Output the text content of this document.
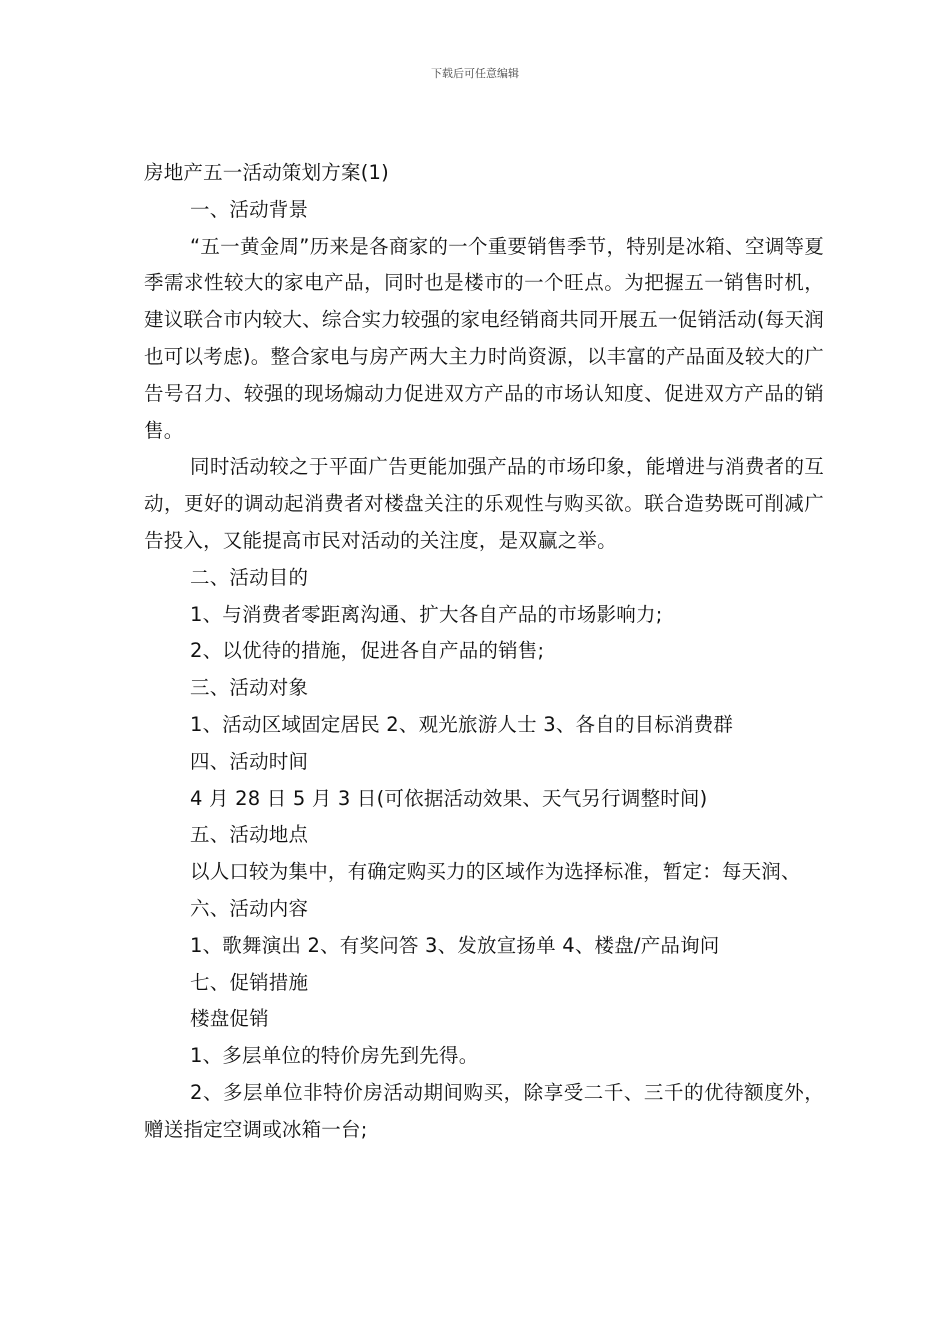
下载后可任意编辑

房地产五一活动策划方案(1)

一、活动背景

“五一黄金周”历来是各商家的一个重要销售季节，特别是冰箱、空调等夏季需求性较大的家电产品，同时也是楼市的一个旺点。为把握五一销售时机，建议联合市内较大、综合实力较强的家电经销商共同开展五一促销活动(每天润也可以考虑)。整合家电与房产两大主力时尚资源，以丰富的产品面及较大的广告号召力、较强的现场煽动力促进双方产品的市场认知度、促进双方产品的销售。

同时活动较之于平面广告更能加强产品的市场印象，能增进与消费者的互动，更好的调动起消费者对楼盘关注的乐观性与购买欲。联合造势既可削减广告投入，又能提高市民对活动的关注度，是双赢之举。

二、活动目的

1、与消费者零距离沟通、扩大各自产品的市场影响力;

2、以优待的措施，促进各自产品的销售;

三、活动对象

1、活动区域固定居民 2、观光旅游人士 3、各自的目标消费群

四、活动时间

4 月 28 日 5 月 3 日(可依据活动效果、天气另行调整时间)

五、活动地点

以人口较为集中，有确定购买力的区域作为选择标准，暂定：每天润、

六、活动内容

1、歌舞演出 2、有奖问答 3、发放宣扬单 4、楼盘/产品询问

七、促销措施

楼盘促销

1、多层单位的特价房先到先得。

2、多层单位非特价房活动期间购买，除享受二千、三千的优待额度外，赠送指定空调或冰箱一台;
